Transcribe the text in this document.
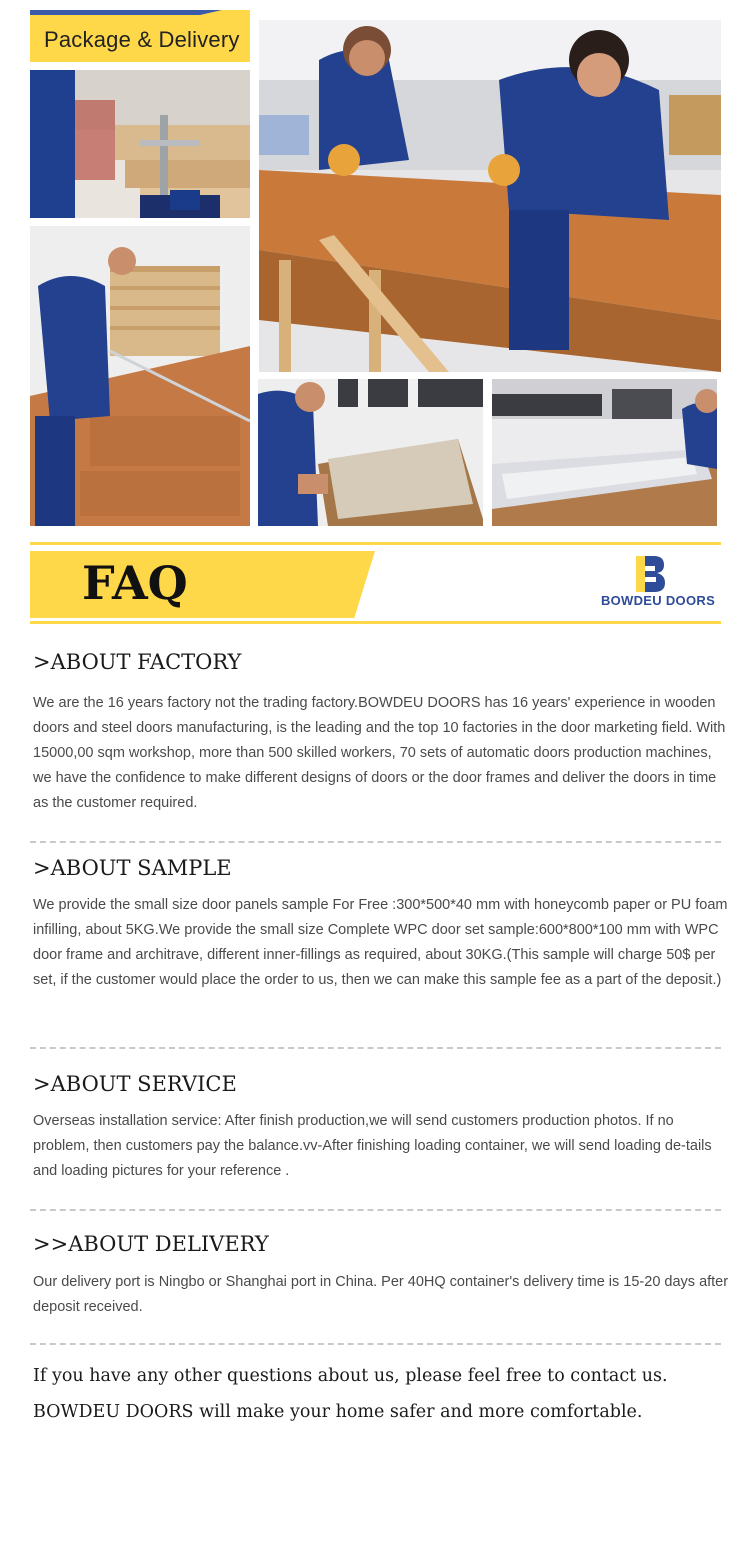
Package & Delivery
FAQ	BOWDEU DOORS
>ABOUT FACTORY
We are the 16 years factory not the trading factory.BOWDEU DOORS has 16 years' experience in wooden doors and steel doors manufacturing, is the leading and the top 10 factories in the door marketing field. With 15000,00 sqm workshop, more than 500 skilled workers, 70 sets of automatic doors production machines, we have the confidence to make different designs of doors or the door frames and deliver the doors in time as the customer required.
>ABOUT SAMPLE
We provide the small size door panels sample For Free :300*500*40 mm with honeycomb paper or PU foam infilling, about 5KG.We provide the small size Complete WPC door set sample:600*800*100 mm with WPC door frame and architrave, different inner-fillings as required, about 30KG.(This sample will charge 50$ per set, if the customer would place the order to us, then we can make this sample fee as a part of the deposit.)
>ABOUT SERVICE
Overseas installation service: After finish production,we will send customers production photos. If no problem, then customers pay the balance.vv-After finishing loading container, we will send loading de-tails and loading pictures for your reference .
>>ABOUT DELIVERY
Our delivery port is Ningbo or Shanghai port in China. Per 40HQ container's delivery time is 15-20 days after deposit received.
If you have any other questions about us, please feel free to contact us.
BOWDEU DOORS will make your home safer and more comfortable.
